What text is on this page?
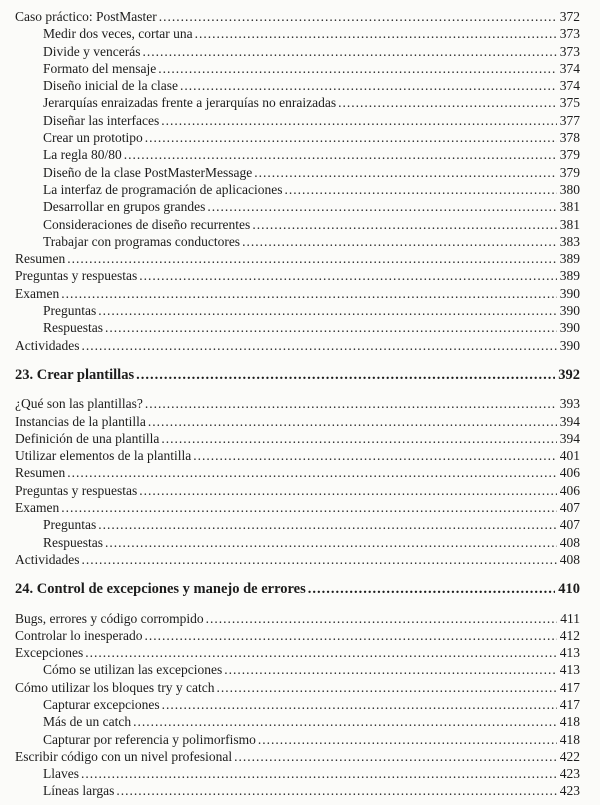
Caso práctico: PostMaster .....	372
Medir dos veces, cortar una .....	373
Divide y vencerás .....	373
Formato del mensaje .....	374
Diseño inicial de la clase .....	374
Jerarquías enraizadas frente a jerarquías no enraizadas .....	375
Diseñar las interfaces .....	377
Crear un prototipo .....	378
La regla 80/80 .....	379
Diseño de la clase PostMasterMessage .....	379
La interfaz de programación de aplicaciones .....	380
Desarrollar en grupos grandes .....	381
Consideraciones de diseño recurrentes .....	381
Trabajar con programas conductores .....	383
Resumen .....	389
Preguntas y respuestas .....	389
Examen .....	390
Preguntas .....	390
Respuestas .....	390
Actividades .....	390
23. Crear plantillas .....	392
¿Qué son las plantillas? .....	393
Instancias de la plantilla .....	394
Definición de una plantilla .....	394
Utilizar elementos de la plantilla .....	401
Resumen .....	406
Preguntas y respuestas .....	406
Examen .....	407
Preguntas .....	407
Respuestas .....	408
Actividades .....	408
24. Control de excepciones y manejo de errores .....	410
Bugs, errores y código corrompido .....	411
Controlar lo inesperado .....	412
Excepciones .....	413
Cómo se utilizan las excepciones .....	413
Cómo utilizar los bloques try y catch .....	417
Capturar excepciones .....	417
Más de un catch .....	418
Capturar por referencia y polimorfismo .....	418
Escribir código con un nivel profesional .....	422
Llaves .....	423
Líneas largas .....	423
